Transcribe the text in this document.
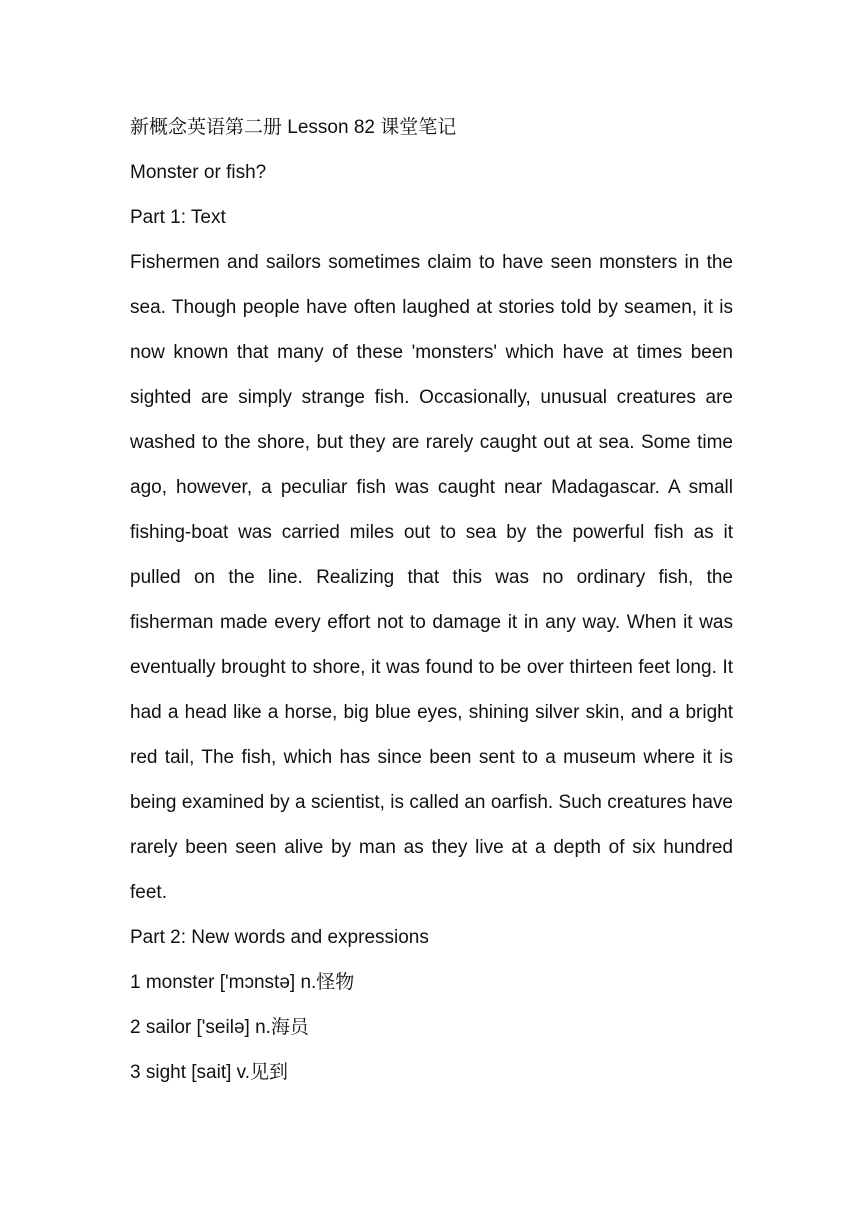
新概念英语第二册 Lesson 82 课堂笔记

Monster or fish?

Part 1: Text

Fishermen and sailors sometimes claim to have seen monsters in the sea. Though people have often laughed at stories told by seamen, it is now known that many of these 'monsters' which have at times been sighted are simply strange fish. Occasionally, unusual creatures are washed to the shore, but they are rarely caught out at sea. Some time ago, however, a peculiar fish was caught near Madagascar. A small fishing-boat was carried miles out to sea by the powerful fish as it pulled on the line. Realizing that this was no ordinary fish, the fisherman made every effort not to damage it in any way. When it was eventually brought to shore, it was found to be over thirteen feet long. It had a head like a horse, big blue eyes, shining silver skin, and a bright red tail, The fish, which has since been sent to a museum where it is being examined by a scientist, is called an oarfish. Such creatures have rarely been seen alive by man as they live at a depth of six hundred feet.

Part 2: New words and expressions

1 monster ['mɔnstə] n.怪物

2 sailor ['seilə] n.海员

3 sight [sait] v.见到
